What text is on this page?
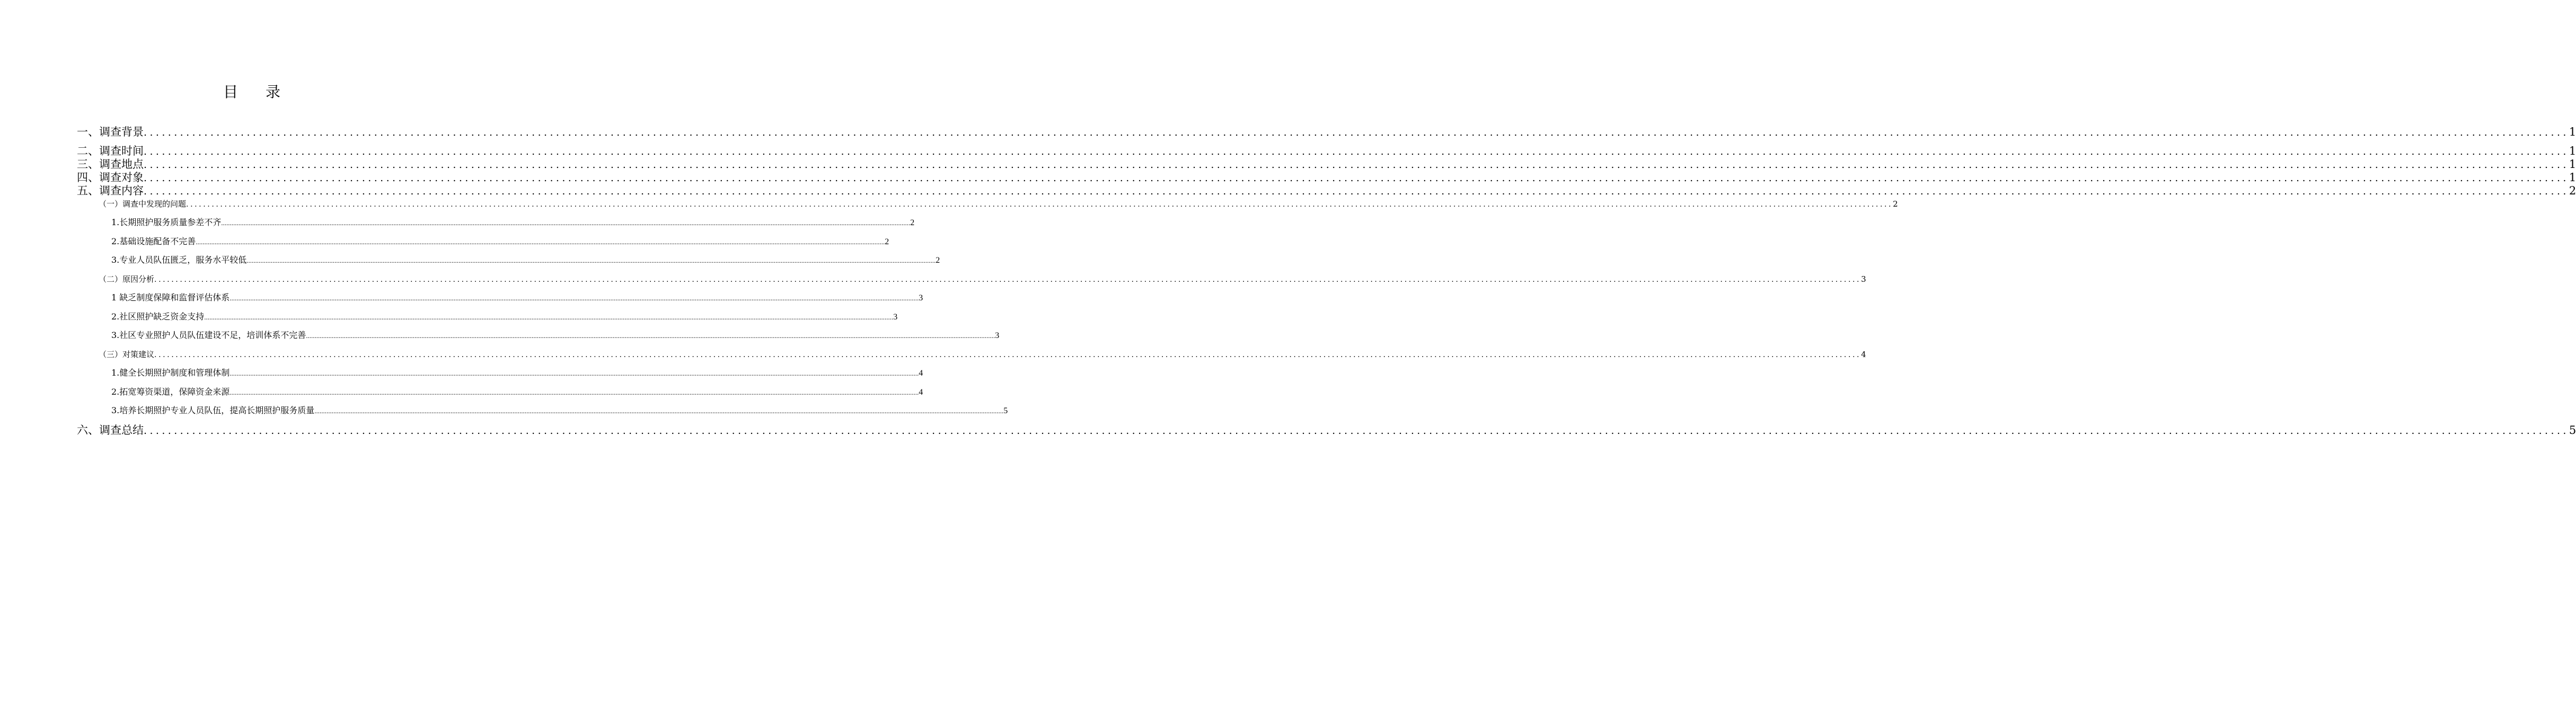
目 录
一、调查背景 ................................................................................................................................................................................................................................................................................................................................................................................................................ 1
二、调查时间 ................................................................................................................................................................................................................................................................................................................................................................................................................ 1
三、调查地点 ................................................................................................................................................................................................................................................................................................................................................................................................................ 1
四、调查对象 ................................................................................................................................................................................................................................................................................................................................................................................................................ 1
五、调查内容 ................................................................................................................................................................................................................................................................................................................................................................................................................ 2
（一）调查中发现的问题 ................................................................................................................................................................................................................................................................................................................................................................................................................ 2
1.长期照护服务质量参差不齐 ................................................................................................................................................................................................................................................................................................................................................................................................................ 2
2.基础设施配备不完善 ................................................................................................................................................................................................................................................................................................................................................................................................................ 2
3.专业人员队伍匮乏，服务水平较低 ................................................................................................................................................................................................................................................................................................................................................................................................................ 2
（二）原因分析 ................................................................................................................................................................................................................................................................................................................................................................................................................ 3
1 缺乏制度保障和监督评估体系 ................................................................................................................................................................................................................................................................................................................................................................................................................ 3
2.社区照护缺乏资金支持 ................................................................................................................................................................................................................................................................................................................................................................................................................ 3
3.社区专业照护人员队伍建设不足，培训体系不完善 ................................................................................................................................................................................................................................................................................................................................................................................................................ 3
（三）对策建议 ................................................................................................................................................................................................................................................................................................................................................................................................................ 4
1.健全长期照护制度和管理体制 ................................................................................................................................................................................................................................................................................................................................................................................................................ 4
2.拓宽筹资渠道，保障资金来源 ................................................................................................................................................................................................................................................................................................................................................................................................................ 4
3.培养长期照护专业人员队伍，提高长期照护服务质量 ................................................................................................................................................................................................................................................................................................................................................................................................................ 5
六、调查总结 ................................................................................................................................................................................................................................................................................................................................................................................................................ 5
